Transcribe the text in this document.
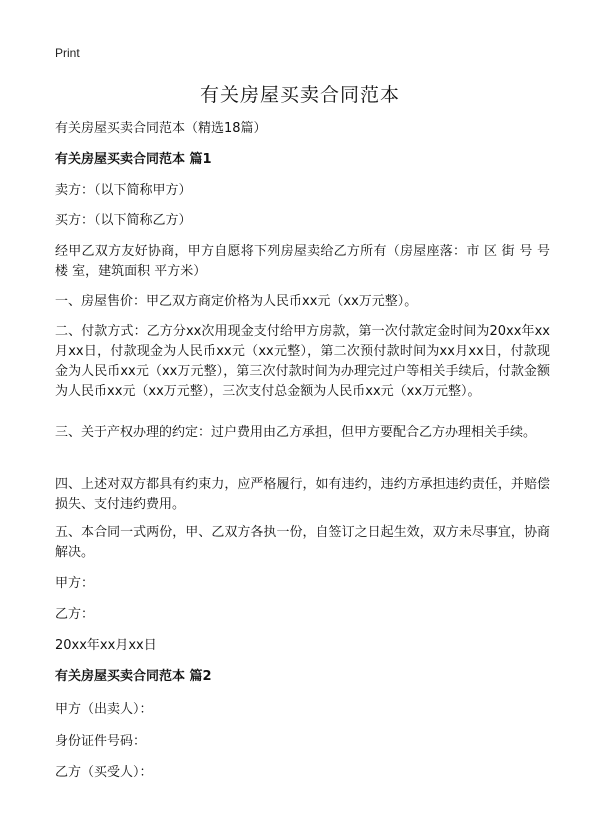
Print
有关房屋买卖合同范本

有关房屋买卖合同范本（精选18篇）

有关房屋买卖合同范本 篇1

卖方：（以下简称甲方）

买方：（以下简称乙方）

经甲乙双方友好协商，甲方自愿将下列房屋卖给乙方所有（房屋座落：市 区 街 号 号楼 室，建筑面积 平方米）

一、房屋售价：甲乙双方商定价格为人民币xx元（xx万元整）。

二、付款方式：乙方分xx次用现金支付给甲方房款，第一次付款定金时间为20xx年xx月xx日，付款现金为人民币xx元（xx元整），第二次预付款时间为xx月xx日，付款现金为人民币xx元（xx万元整），第三次付款时间为办理完过户等相关手续后，付款金额为人民币xx元（xx万元整），三次支付总金额为人民币xx元（xx万元整）。

三、关于产权办理的约定：过户费用由乙方承担，但甲方要配合乙方办理相关手续。

四、上述对双方都具有约束力，应严格履行，如有违约，违约方承担违约责任，并赔偿损失、支付违约费用。

五、本合同一式两份，甲、乙双方各执一份，自签订之日起生效，双方未尽事宜，协商解决。

甲方：

乙方：

20xx年xx月xx日

有关房屋买卖合同范本 篇2

甲方（出卖人）：

身份证件号码：

乙方（买受人）：
